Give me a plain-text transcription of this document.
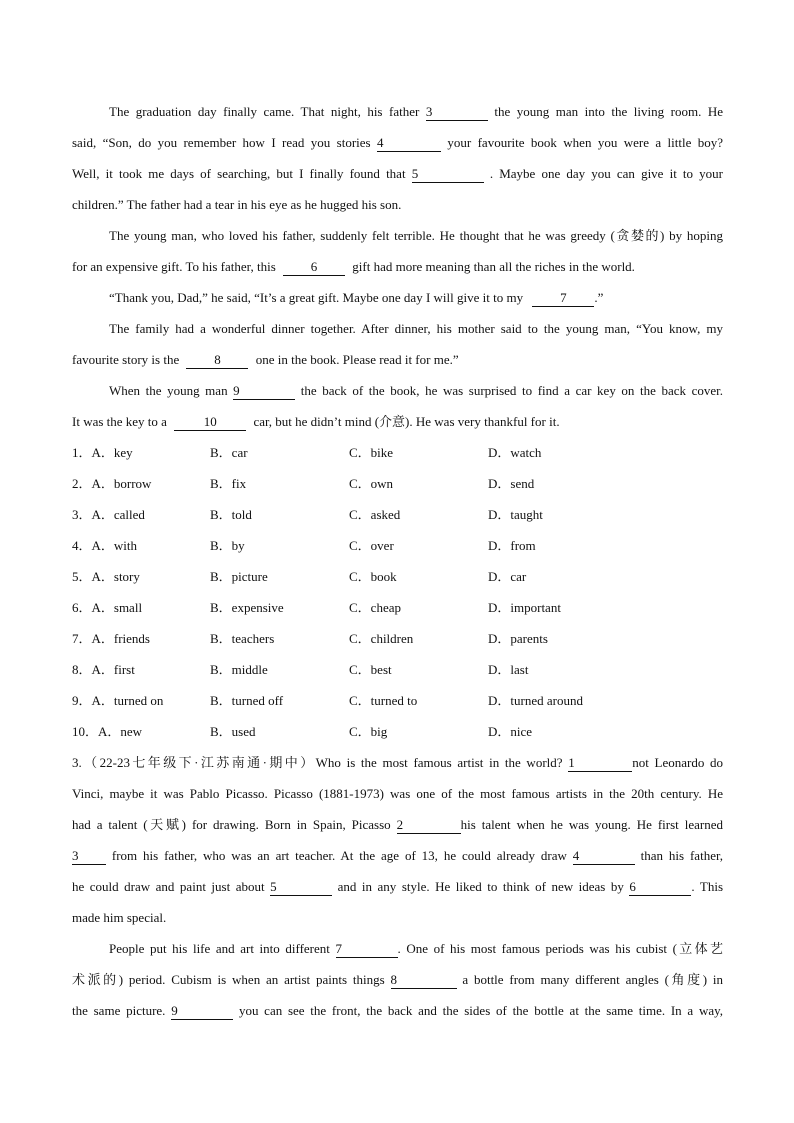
The graduation day finally came. That night, his father 3	the young man into the living room. He
said, “Son, do you remember how I read you stories 4	your favourite book when you were a little boy?
Well, it took me days of searching, but I finally found that 5	. Maybe one day you can give it to your
children.” The father had a tear in his eye as he hugged his son.
The young man, who loved his father, suddenly felt terrible. He thought that he was greedy (贪婪的) by hoping
for an expensive gift. To his father, this	6	gift had more meaning than all the riches in the world.
“Thank you, Dad,” he said, “It’s a great gift. Maybe one day I will give it to my	7 .”
The family had a wonderful dinner together. After dinner, his mother said to the young man, “You know, my
favourite story is the	8	one in the book. Please read it for me.”
When the young man 9	the back of the book, he was surprised to find a car key on the back cover.
It was the key to a	10	car, but he didn’t mind (介意). He was very thankful for it.
1．A．key	B．car	C．bike	D．watch
2．A．borrow	B．fix	C．own	D．send
3．A．called	B．told	C．asked	D．taught
4．A．with	B．by	C．over	D．from
5．A．story	B．picture	C．book	D．car
6．A．small	B．expensive	C．cheap	D．important
7．A．friends	B．teachers	C．children	D．parents
8．A．first	B．middle	C．best	D．last
9．A．turned on	B．turned off	C．turned to	D．turned around
10．A．new	B．used	C．big	D．nice
3.（22-23七年级下·江苏南通·期中）Who is the most famous artist in the world? 1	not Leonardo do
Vinci, maybe it was Pablo Picasso. Picasso (1881-1973) was one of the most famous artists in the 20th century. He
had a talent (天赋) for drawing. Born in Spain, Picasso 2	his talent when he was young. He first learned
3	from his father, who was an art teacher. At the age of 13, he could already draw 4	than his father,
he could draw and paint just about 5	and in any style. He liked to think of new ideas by 6	. This
made him special.
People put his life and art into different 7	. One of his most famous periods was his cubist (立体艺
术派的) period. Cubism is when an artist paints things 8	a bottle from many different angles (角度) in
the same picture. 9	you can see the front, the back and the sides of the bottle at the same time. In a way,
